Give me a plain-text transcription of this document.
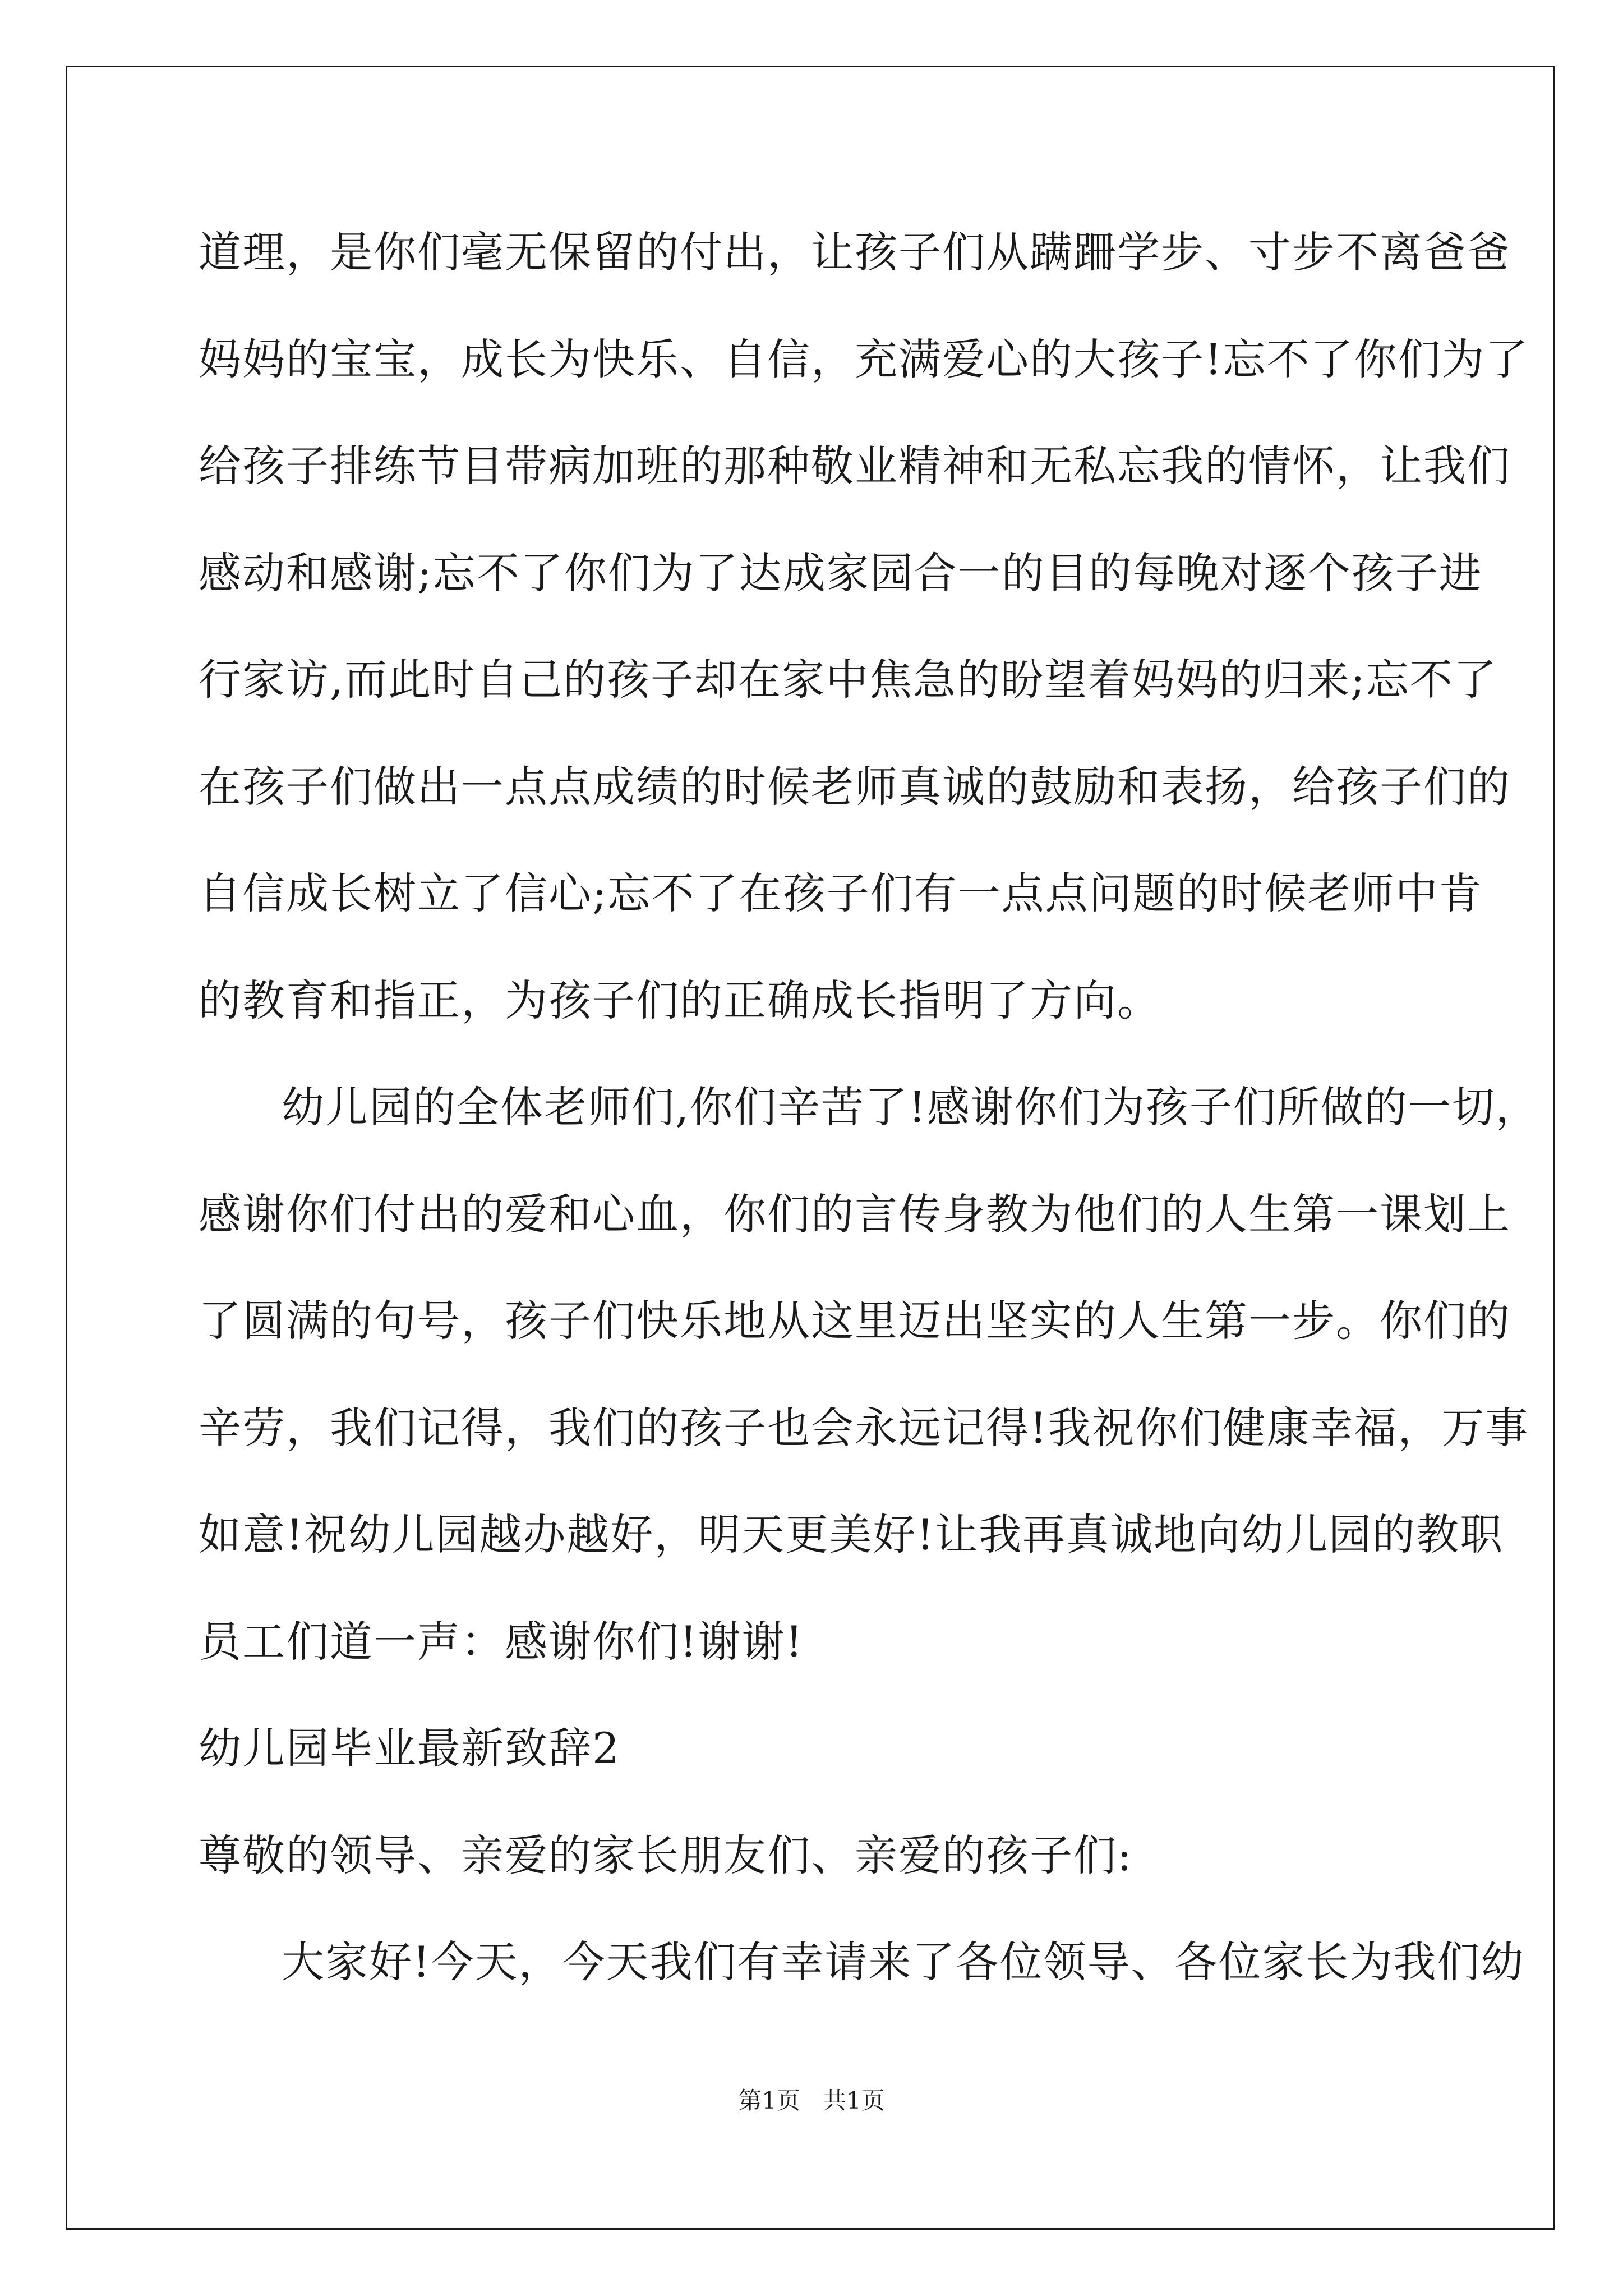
道理，是你们毫无保留的付出，让孩子们从蹒跚学步、寸步不离爸爸
妈妈的宝宝，成长为快乐、自信，充满爱心的大孩子!忘不了你们为了
给孩子排练节目带病加班的那种敬业精神和无私忘我的情怀，让我们
感动和感谢;忘不了你们为了达成家园合一的目的每晚对逐个孩子进
行家访,而此时自己的孩子却在家中焦急的盼望着妈妈的归来;忘不了
在孩子们做出一点点成绩的时候老师真诚的鼓励和表扬，给孩子们的
自信成长树立了信心;忘不了在孩子们有一点点问题的时候老师中肯
的教育和指正，为孩子们的正确成长指明了方向。
幼儿园的全体老师们,你们辛苦了!感谢你们为孩子们所做的一切，
感谢你们付出的爱和心血，你们的言传身教为他们的人生第一课划上
了圆满的句号，孩子们快乐地从这里迈出坚实的人生第一步。你们的
辛劳，我们记得，我们的孩子也会永远记得!我祝你们健康幸福，万事
如意!祝幼儿园越办越好，明天更美好!让我再真诚地向幼儿园的教职
员工们道一声：感谢你们!谢谢!
幼儿园毕业最新致辞2
尊敬的领导、亲爱的家长朋友们、亲爱的孩子们:
大家好!今天，今天我们有幸请来了各位领导、各位家长为我们幼
第1页   共1页
